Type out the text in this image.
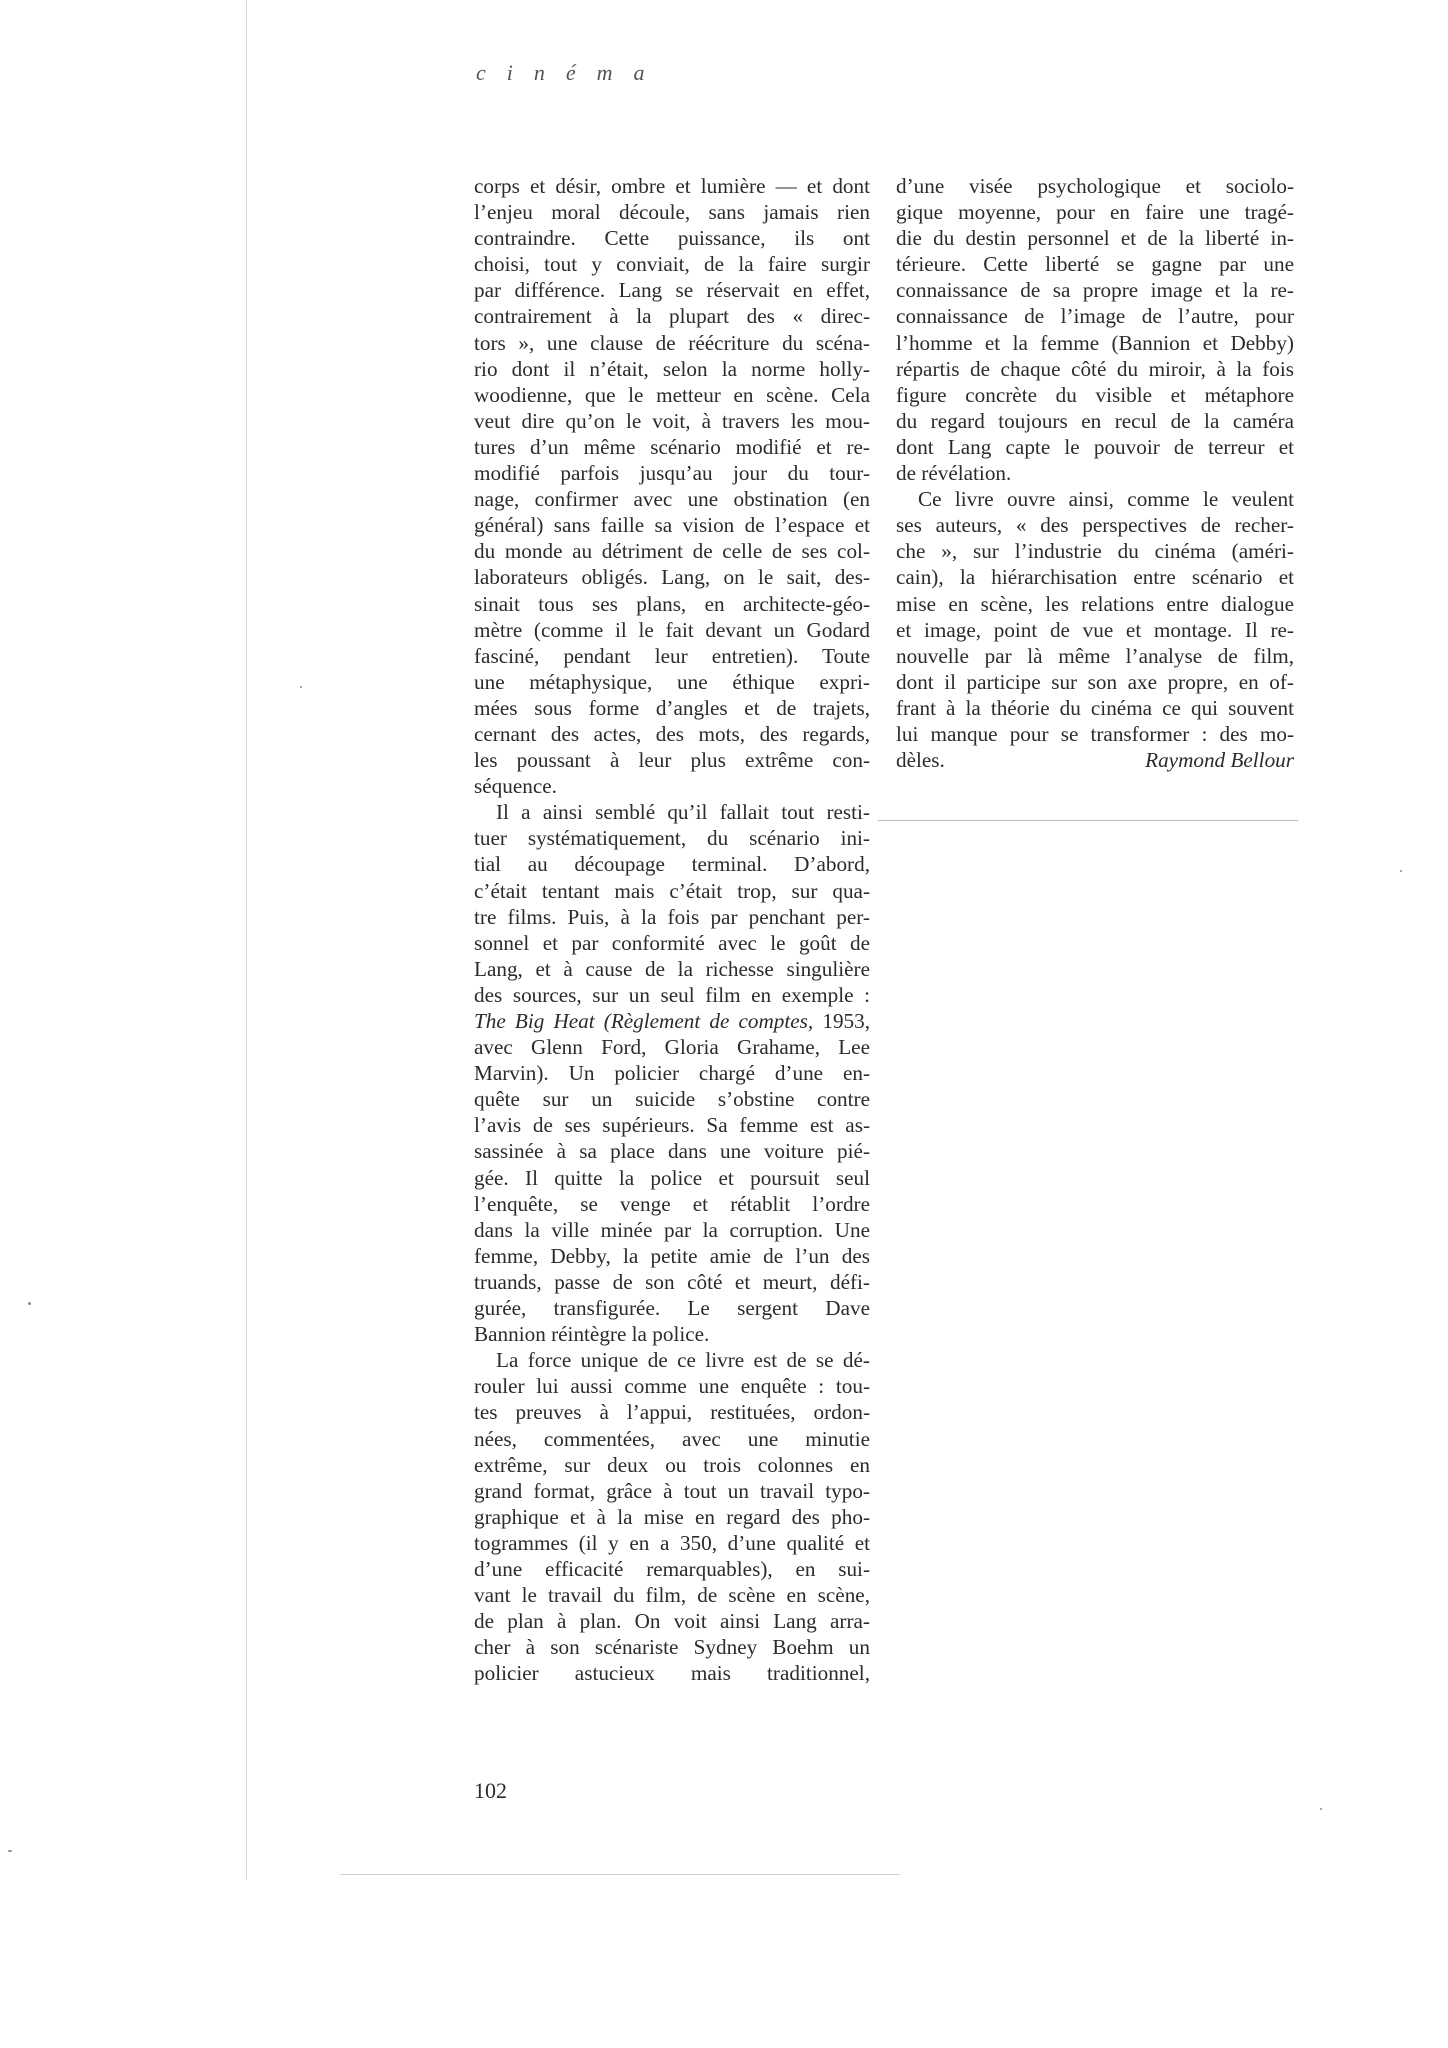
cinéma
corps et désir, ombre et lumière — et dont
l’enjeu moral découle, sans jamais rien
contraindre. Cette puissance, ils ont
choisi, tout y conviait, de la faire surgir
par différence. Lang se réservait en effet,
contrairement à la plupart des « direc-
tors », une clause de réécriture du scéna-
rio dont il n’était, selon la norme holly-
woodienne, que le metteur en scène. Cela
veut dire qu’on le voit, à travers les mou-
tures d’un même scénario modifié et re-
modifié parfois jusqu’au jour du tour-
nage, confirmer avec une obstination (en
général) sans faille sa vision de l’espace et
du monde au détriment de celle de ses col-
laborateurs obligés. Lang, on le sait, des-
sinait tous ses plans, en architecte-géo-
mètre (comme il le fait devant un Godard
fasciné, pendant leur entretien). Toute
une métaphysique, une éthique expri-
mées sous forme d’angles et de trajets,
cernant des actes, des mots, des regards,
les poussant à leur plus extrême con-
séquence.
Il a ainsi semblé qu’il fallait tout resti-
tuer systématiquement, du scénario ini-
tial au découpage terminal. D’abord,
c’était tentant mais c’était trop, sur qua-
tre films. Puis, à la fois par penchant per-
sonnel et par conformité avec le goût de
Lang, et à cause de la richesse singulière
des sources, sur un seul film en exemple :
The Big Heat (Règlement de comptes, 1953,
avec Glenn Ford, Gloria Grahame, Lee
Marvin). Un policier chargé d’une en-
quête sur un suicide s’obstine contre
l’avis de ses supérieurs. Sa femme est as-
sassinée à sa place dans une voiture pié-
gée. Il quitte la police et poursuit seul
l’enquête, se venge et rétablit l’ordre
dans la ville minée par la corruption. Une
femme, Debby, la petite amie de l’un des
truands, passe de son côté et meurt, défi-
gurée, transfigurée. Le sergent Dave
Bannion réintègre la police.
La force unique de ce livre est de se dé-
rouler lui aussi comme une enquête : tou-
tes preuves à l’appui, restituées, ordon-
nées, commentées, avec une minutie
extrême, sur deux ou trois colonnes en
grand format, grâce à tout un travail typo-
graphique et à la mise en regard des pho-
togrammes (il y en a 350, d’une qualité et
d’une efficacité remarquables), en sui-
vant le travail du film, de scène en scène,
de plan à plan. On voit ainsi Lang arra-
cher à son scénariste Sydney Boehm un
policier astucieux mais traditionnel,
d’une visée psychologique et sociolo-
gique moyenne, pour en faire une tragé-
die du destin personnel et de la liberté in-
térieure. Cette liberté se gagne par une
connaissance de sa propre image et la re-
connaissance de l’image de l’autre, pour
l’homme et la femme (Bannion et Debby)
répartis de chaque côté du miroir, à la fois
figure concrète du visible et métaphore
du regard toujours en recul de la caméra
dont Lang capte le pouvoir de terreur et
de révélation.
Ce livre ouvre ainsi, comme le veulent
ses auteurs, « des perspectives de recher-
che », sur l’industrie du cinéma (améri-
cain), la hiérarchisation entre scénario et
mise en scène, les relations entre dialogue
et image, point de vue et montage. Il re-
nouvelle par là même l’analyse de film,
dont il participe sur son axe propre, en of-
frant à la théorie du cinéma ce qui souvent
lui manque pour se transformer : des mo-
dèles.	Raymond Bellour
102
